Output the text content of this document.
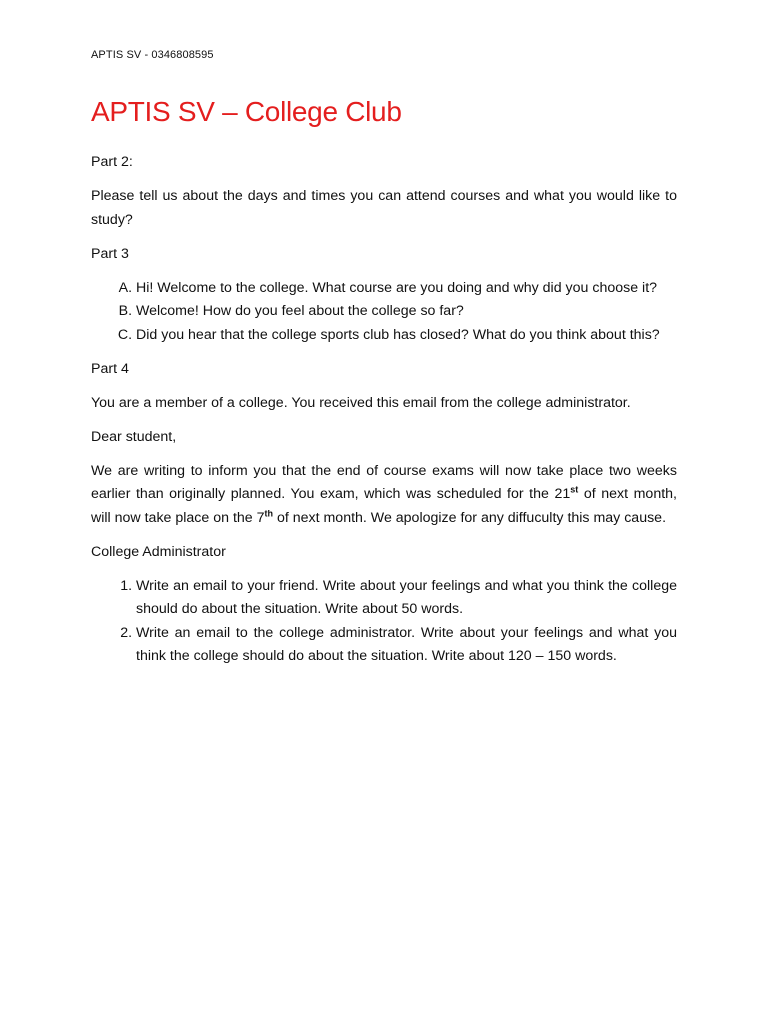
APTIS SV - 0346808595
APTIS SV – College Club

Part 2:

Please tell us about the days and times you can attend courses and what you would like to study?

Part 3

A. Hi! Welcome to the college. What course are you doing and why did you choose it?
B. Welcome! How do you feel about the college so far?
C. Did you hear that the college sports club has closed? What do you think about this?

Part 4

You are a member of a college. You received this email from the college administrator.

Dear student,

We are writing to inform you that the end of course exams will now take place two weeks earlier than originally planned. You exam, which was scheduled for the 21st of next month, will now take place on the 7th of next month. We apologize for any diffuculty this may cause.

College Administrator

1. Write an email to your friend. Write about your feelings and what you think the college should do about the situation. Write about 50 words.
2. Write an email to the college administrator. Write about your feelings and what you think the college should do about the situation. Write about 120 – 150 words.
